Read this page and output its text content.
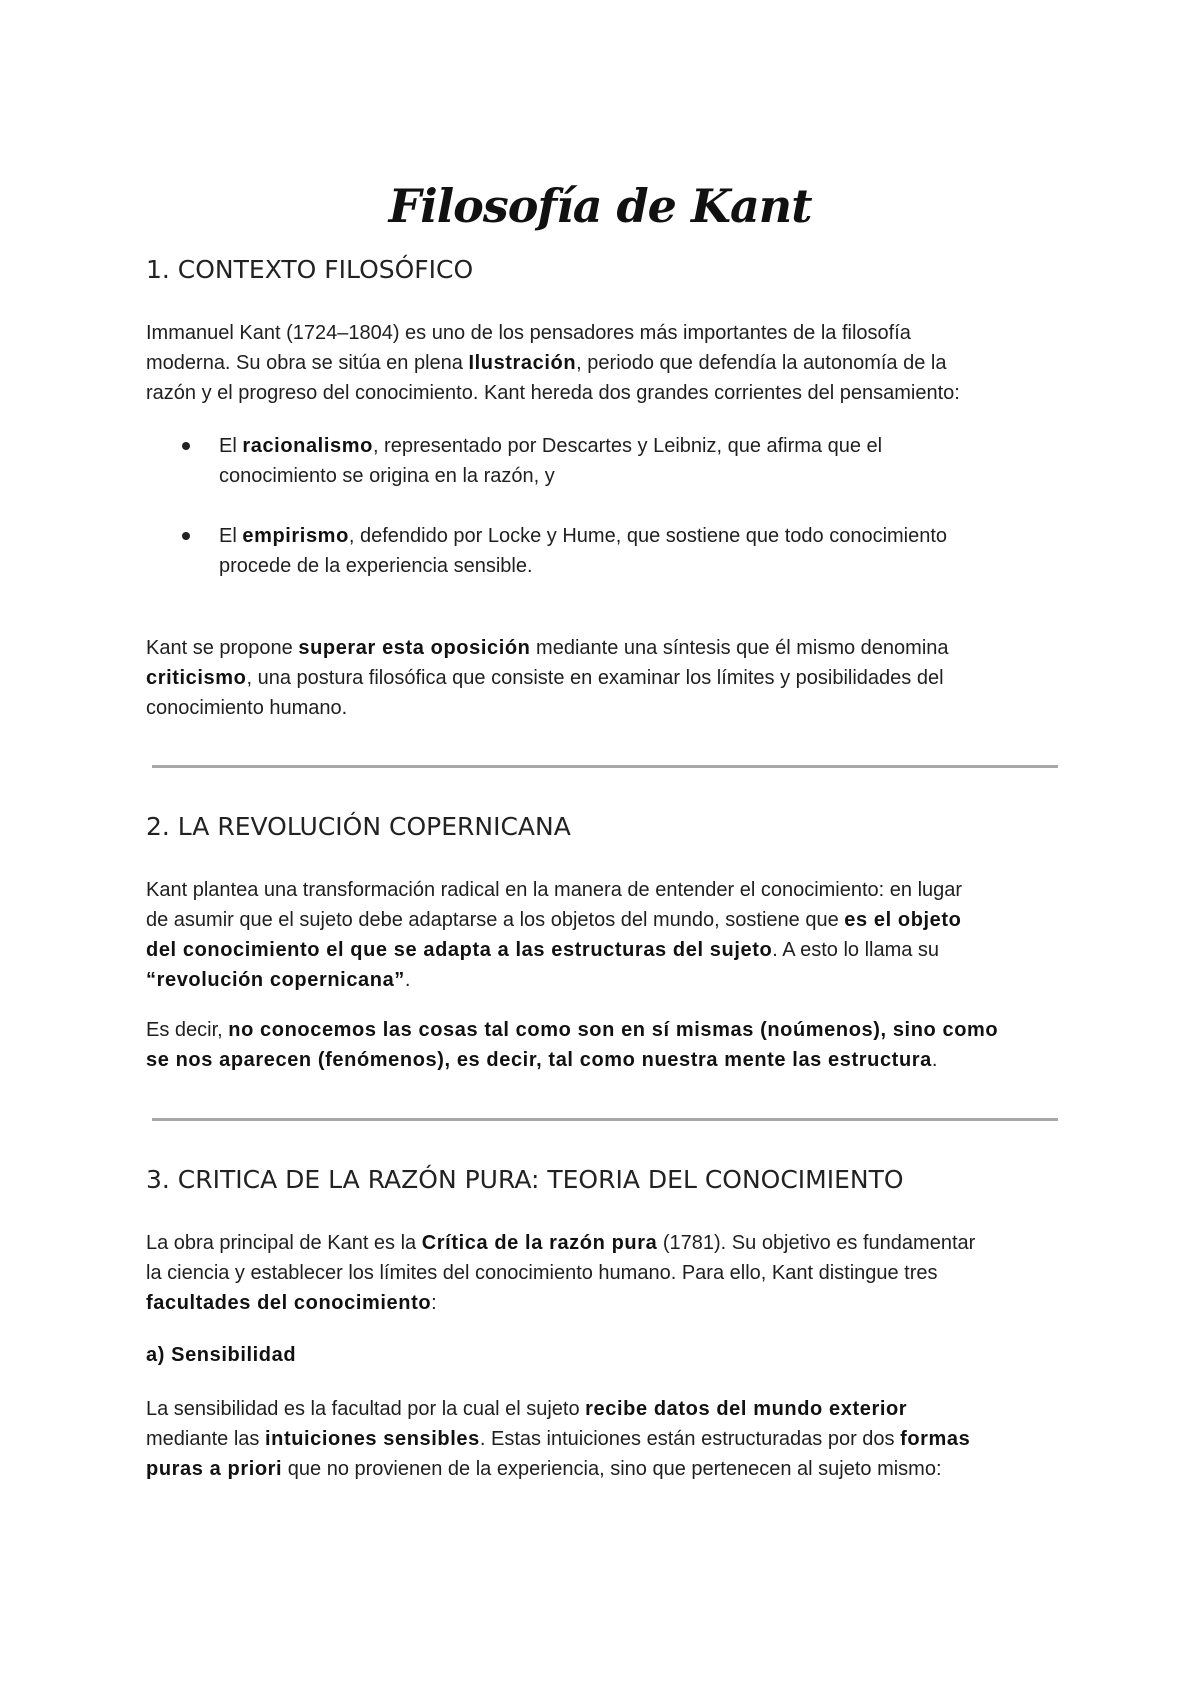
Filosofía de Kant
1. CONTEXTO FILOSÓFICO

Immanuel Kant (1724–1804) es uno de los pensadores más importantes de la filosofía
moderna. Su obra se sitúa en plena Ilustración, periodo que defendía la autonomía de la
razón y el progreso del conocimiento. Kant hereda dos grandes corrientes del pensamiento:

El racionalismo, representado por Descartes y Leibniz, que afirma que el
conocimiento se origina en la razón, y

El empirismo, defendido por Locke y Hume, que sostiene que todo conocimiento
procede de la experiencia sensible.

Kant se propone superar esta oposición mediante una síntesis que él mismo denomina
criticismo, una postura filosófica que consiste en examinar los límites y posibilidades del
conocimiento humano.

2. LA REVOLUCIÓN COPERNICANA

Kant plantea una transformación radical en la manera de entender el conocimiento: en lugar
de asumir que el sujeto debe adaptarse a los objetos del mundo, sostiene que es el objeto
del conocimiento el que se adapta a las estructuras del sujeto. A esto lo llama su
“revolución copernicana”.

Es decir, no conocemos las cosas tal como son en sí mismas (noúmenos), sino como
se nos aparecen (fenómenos), es decir, tal como nuestra mente las estructura.

3. CRITICA DE LA RAZÓN PURA: TEORIA DEL CONOCIMIENTO

La obra principal de Kant es la Crítica de la razón pura (1781). Su objetivo es fundamentar
la ciencia y establecer los límites del conocimiento humano. Para ello, Kant distingue tres
facultades del conocimiento:

a) Sensibilidad

La sensibilidad es la facultad por la cual el sujeto recibe datos del mundo exterior
mediante las intuiciones sensibles. Estas intuiciones están estructuradas por dos formas
puras a priori que no provienen de la experiencia, sino que pertenecen al sujeto mismo:
